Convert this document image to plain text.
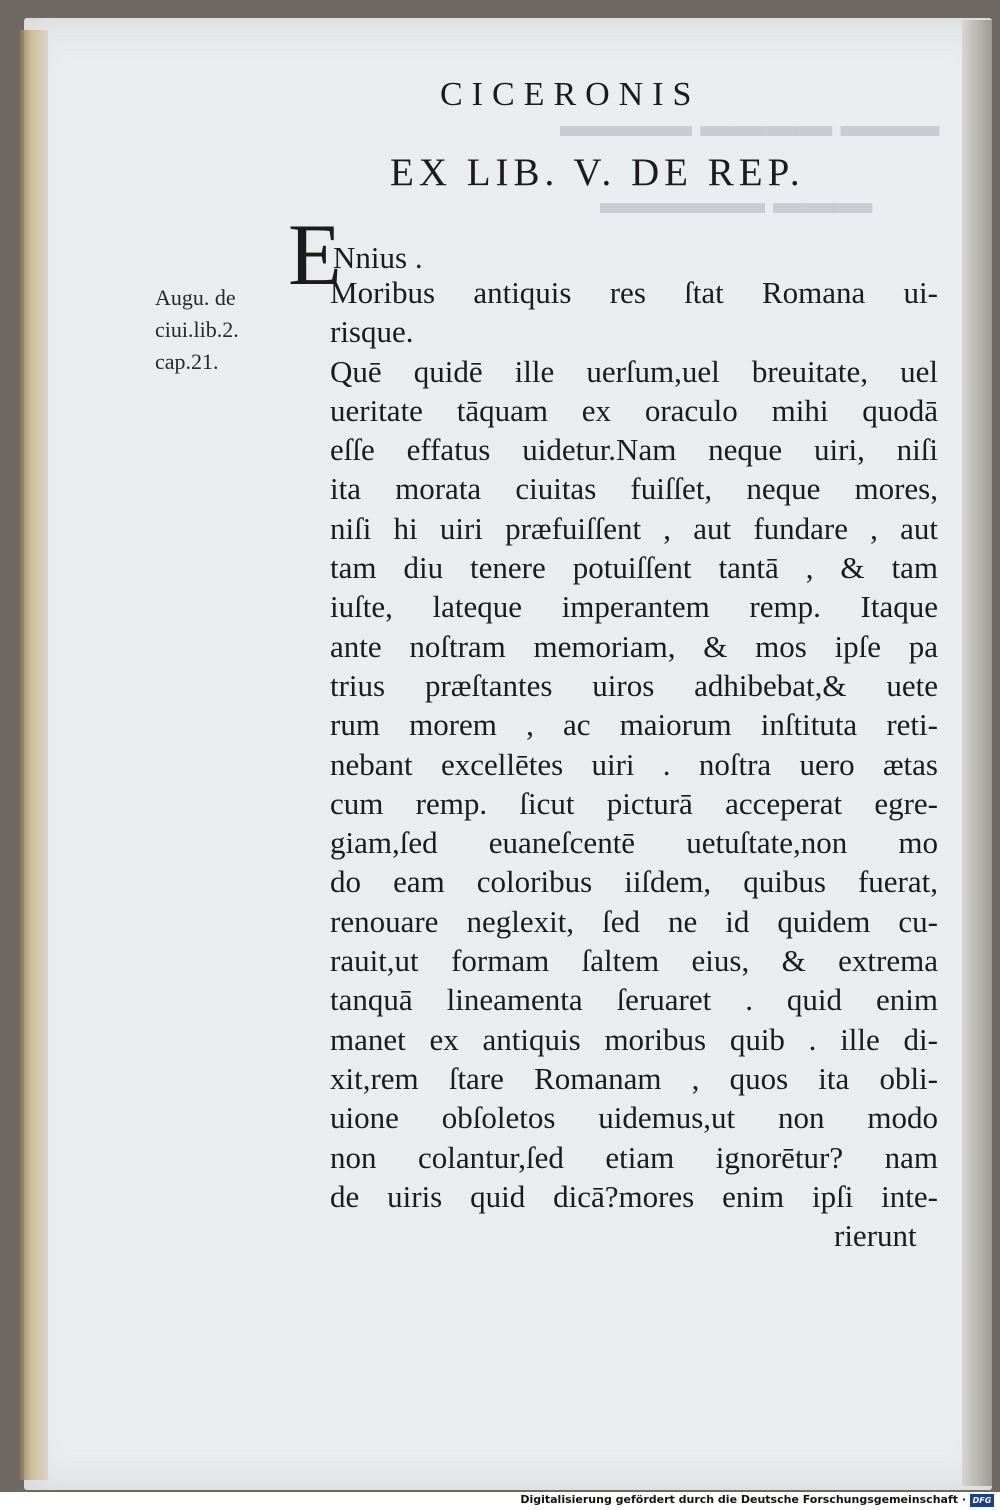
▬▬▬ ▬▬▬▬ ▬▬▬▬
▬▬▬ ▬▬▬▬▬
CICERONIS
EX LIB. V. DE REP.
E
Nnius .
Augu. de
ciui.lib.2.
cap.21.
Moribus antiquis res ſtat Romana ui-
risque.
Quē quidē ille uerſum,uel breuitate, uel
ueritate tāquam ex oraculo mihi quodā
eſſe effatus uidetur.Nam neque uiri, niſi
ita morata ciuitas fuiſſet, neque mores,
niſi hi uiri præfuiſſent , aut fundare , aut
tam diu tenere potuiſſent tantā , & tam
iuſte, lateque imperantem remp. Itaque
ante noſtram memoriam, & mos ipſe pa
trius præſtantes uiros adhibebat,& uete
rum morem , ac maiorum inſtituta reti-
nebant excellētes uiri . noſtra uero ætas
cum remp. ſicut picturā acceperat egre-
giam,ſed euaneſcentē uetuſtate,non mo
do eam coloribus iiſdem, quibus fuerat,
renouare neglexit, ſed ne id quidem cu-
rauit,ut formam ſaltem eius, & extrema
tanquā lineamenta ſeruaret . quid enim
manet ex antiquis moribus quib . ille di-
xit,rem ſtare Romanam , quos ita obli-
uione obſoletos uidemus,ut non modo
non colantur,ſed etiam ignorētur? nam
de uiris quid dicā?mores enim ipſi inte-
rierunt
Digitalisierung gefördert durch die Deutsche Forschungsgemeinschaft · DFG
